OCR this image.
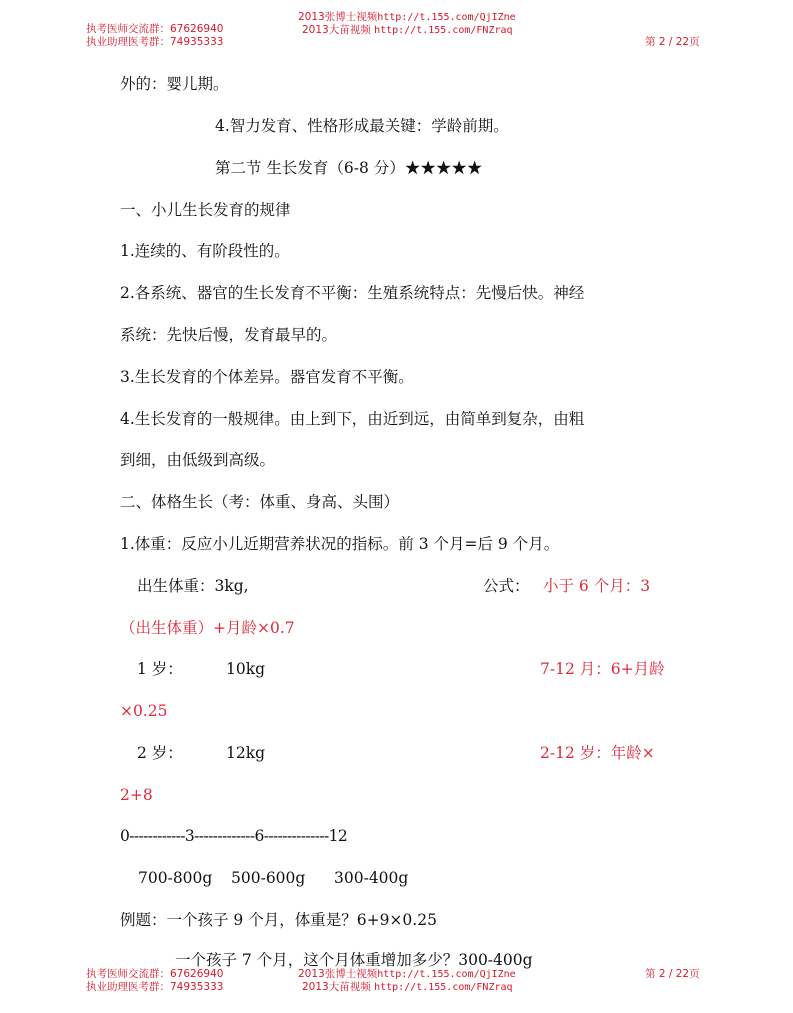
执考医师交流群：67626940
执业助理医考群：74935333
2013张博士视频http://t.155.com/QjIZne
2013大苗视频 http://t.155.com/FNZraq
第 2 / 22页
外的：婴儿期。
4.智力发育、性格形成最关键：学龄前期。
第二节 生长发育（6-8 分）★★★★★
一、小儿生长发育的规律
1.连续的、有阶段性的。
2.各系统、器官的生长发育不平衡：生殖系统特点：先慢后快。神经
系统：先快后慢，发育最早的。
3.生长发育的个体差异。器官发育不平衡。
4.生长发育的一般规律。由上到下，由近到远，由简单到复杂，由粗
到细，由低级到高级。
二、体格生长（考：体重、身高、头围）
1.体重：反应小儿近期营养状况的指标。前 3 个月=后 9 个月。
出生体重：3kg,	公式： 小于 6 个月：3
（出生体重）+月龄×0.7
1 岁：	10kg	7-12 月：6+月龄
×0.25
2 岁：	12kg	2-12 岁：年龄×
2+8
0------------3-------------6--------------12
700-800g 500-600g 300-400g
例题：一个孩子 9 个月，体重是？6+9×0.25
一个孩子 7 个月，这个月体重增加多少？300-400g
执考医师交流群：67626940
执业助理医考群：74935333
2013张博士视频http://t.155.com/QjIZne
2013大苗视频 http://t.155.com/FNZraq
第 2 / 22页
